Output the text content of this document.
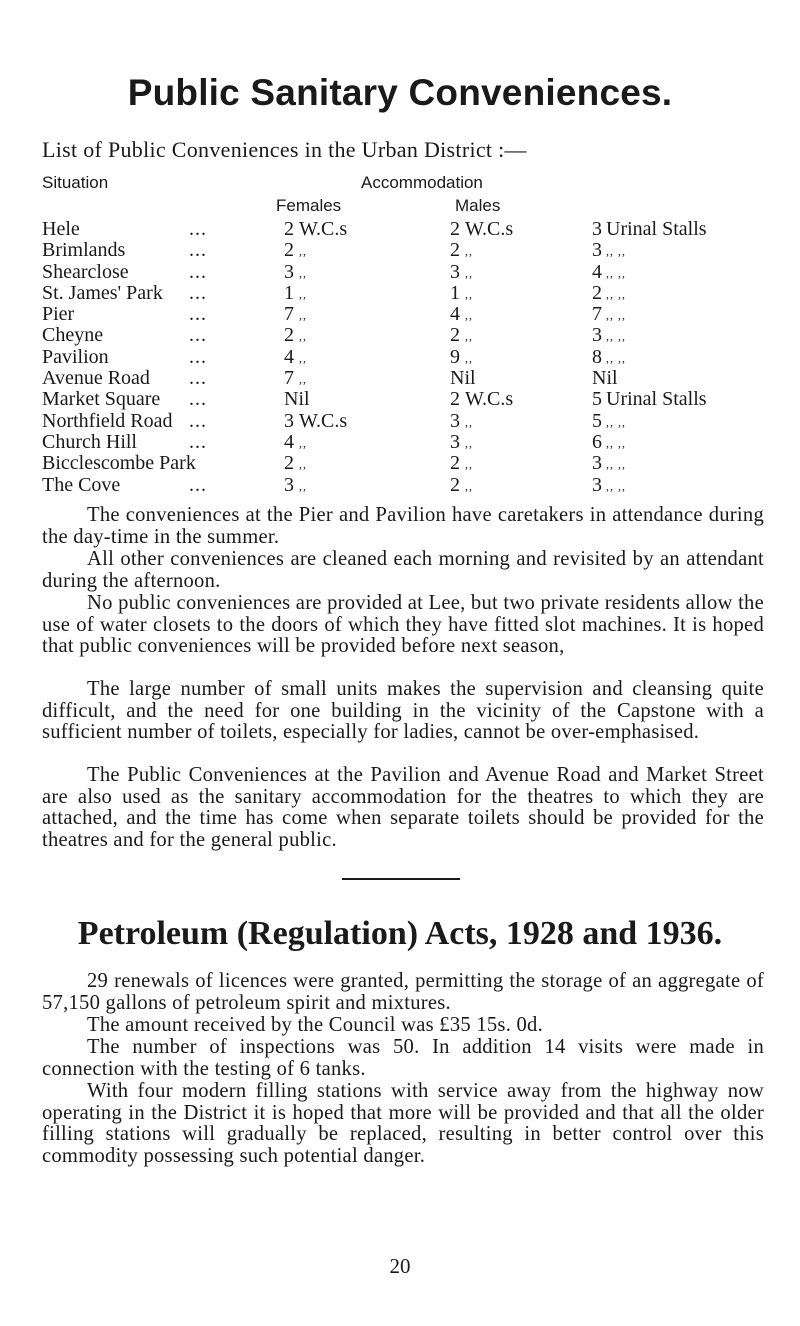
Public Sanitary Conveniences.

List of Public Conveniences in the Urban District :—

Situation	Accommodation

Females	Males

Hele	...	2 W.C.s	2 W.C.s	3 Urinal Stalls
Brimlands	...	2 ,,	2 ,,	3 ,, ,,
Shearclose	...	3 ,,	3 ,,	4 ,, ,,
St. James' Park ...	1 ,,	1 ,,	2 ,, ,,
Pier	...	7 ,,	4 ,,	7 ,, ,,
Cheyne	...	2 ,,	2 ,,	3 ,, ,,
Pavilion	...	4 ,,	9 ,,	8 ,, ,,
Avenue Road ...	7 ,,	Nil	Nil
Market Square ...	Nil	2 W.C.s	5 Urinal Stalls
Northfield Road ...	3 W.C.s	3 ,,	5 ,, ,,
Church Hill	...	4 ,,	3 ,,	6 ,, ,,
Bicclescombe Park	2 ,,	2 ,,	3 ,, ,,
The Cove	...	3 ,,	2 ,,	3 ,, ,,

The conveniences at the Pier and Pavilion have caretakers in attendance during the day-time in the summer.

All other conveniences are cleaned each morning and revisited by an attendant during the afternoon.

No public conveniences are provided at Lee, but two private residents allow the use of water closets to the doors of which they have fitted slot machines. It is hoped that public conveniences will be provided before next season,

The large number of small units makes the supervision and cleansing quite difficult, and the need for one building in the vicinity of the Capstone with a sufficient number of toilets, especially for ladies, cannot be over-emphasised.

The Public Conveniences at the Pavilion and Avenue Road and Market Street are also used as the sanitary accommodation for the theatres to which they are attached, and the time has come when separate toilets should be provided for the theatres and for the general public.

Petroleum (Regulation) Acts, 1928 and 1936.

29 renewals of licences were granted, permitting the storage of an aggregate of 57,150 gallons of petroleum spirit and mixtures.

The amount received by the Council was £35 15s. 0d.

The number of inspections was 50. In addition 14 visits were made in connection with the testing of 6 tanks.

With four modern filling stations with service away from the highway now operating in the District it is hoped that more will be provided and that all the older filling stations will gradually be replaced, resulting in better control over this commodity possessing such potential danger.

20
